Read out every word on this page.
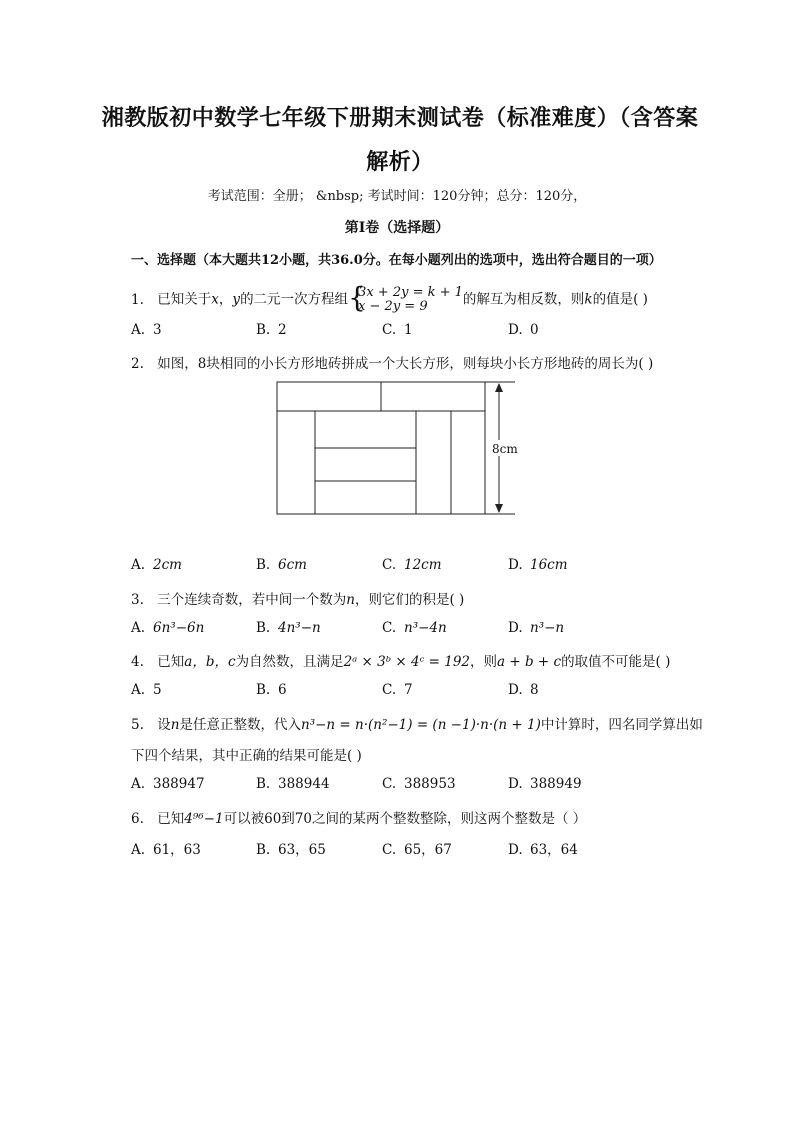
湘教版初中数学七年级下册期末测试卷（标准难度）（含答案解析）
考试范围：全册； &nbsp; 考试时间：120分钟；总分：120分，
第I卷（选择题）
一、选择题（本大题共12小题，共36.0分。在每小题列出的选项中，选出符合题目的一项）
1. 已知关于x，y的二元一次方程组 {
3x + 2y = k + 1
x − 2y = 9	的解互为相反数，则k的值是( )
A. 3	B. 2	C. 1	D. 0
2. 如图，8块相同的小长方形地砖拼成一个大长方形，则每块小长方形地砖的周长为( )
8cm
A. 2cm	B. 6cm	C. 12cm	D. 16cm
3. 三个连续奇数，若中间一个数为n，则它们的积是( )
A. 6n³−6n	B. 4n³−n	C. n³−4n	D. n³−n
4. 已知a，b，c为自然数，且满足2ᵃ × 3ᵇ × 4ᶜ = 192，则a + b + c的取值不可能是( )
A. 5	B. 6	C. 7	D. 8
5. 设n是任意正整数，代入n³−n = n·(n²−1) = (n −1)·n·(n + 1)中计算时，四名同学算出如
下四个结果，其中正确的结果可能是( )
A. 388947	B. 388944	C. 388953	D. 388949
6. 已知4⁹⁶−1可以被60到70之间的某两个整数整除，则这两个整数是（ ）
A. 61，63	B. 63，65	C. 65，67	D. 63，64
